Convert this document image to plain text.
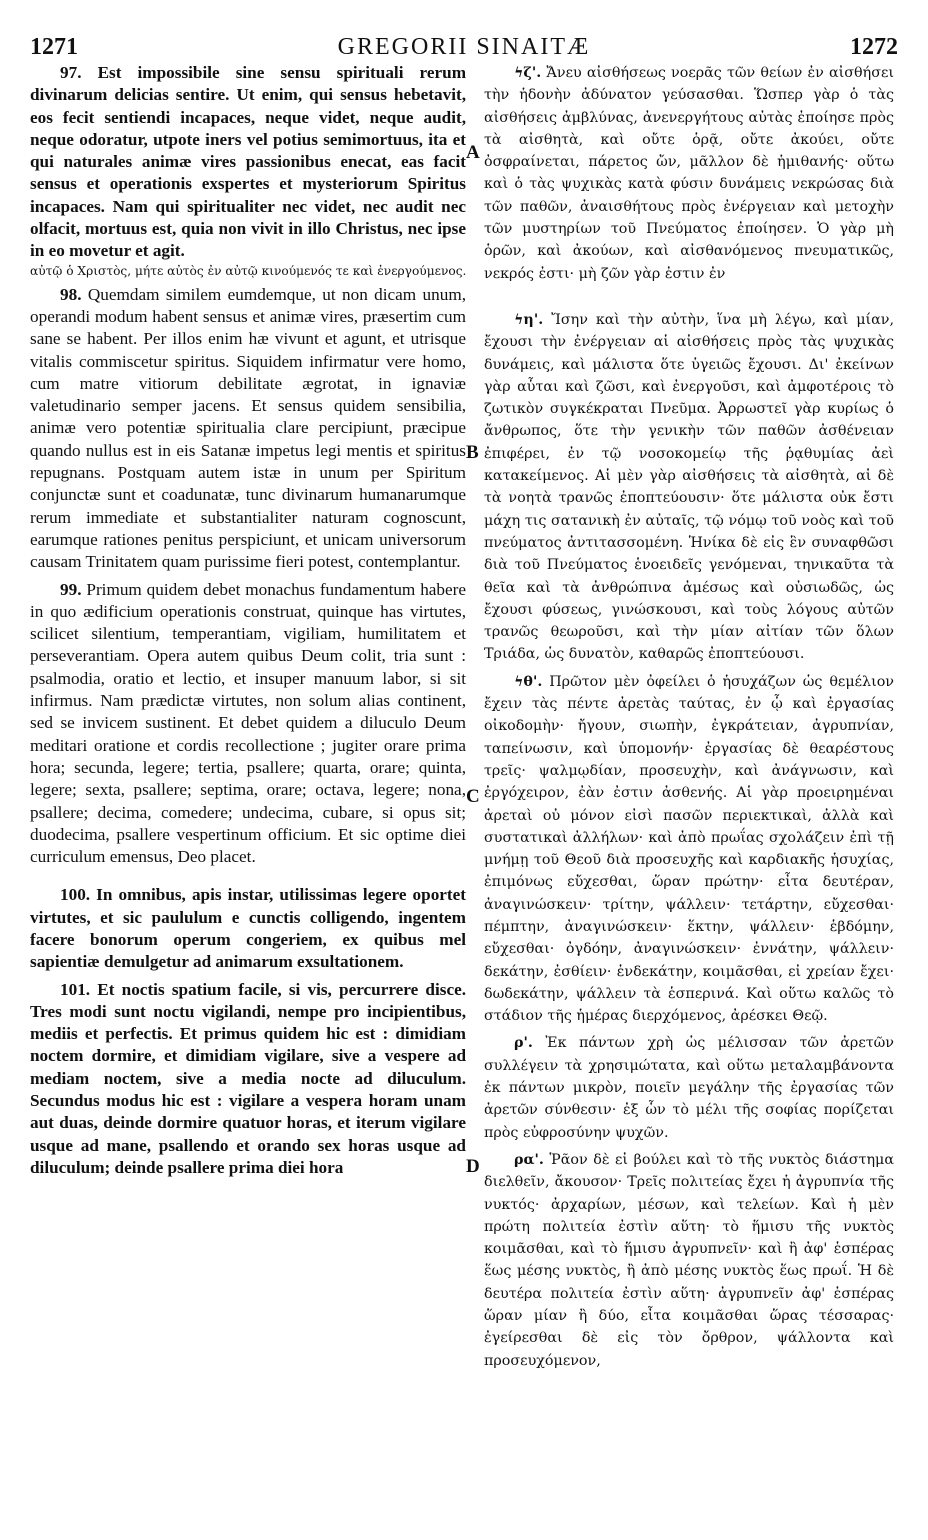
1271	GREGORII SINAITÆ	1272

97. Est impossibile sine sensu spirituali rerum divinarum delicias sentire. Ut enim, qui sensus hebetavit, eos fecit sentiendi incapaces, neque videt, neque audit, neque odoratur, utpote iners vel potius semimortuus, ita et qui naturales animæ vires passionibus enecat, eas facit sensus et operationis exspertes et mysteriorum Spiritus incapaces. Nam qui spiritualiter nec videt, nec audit nec olfacit, mortuus est, quia non vivit in illo Christus, nec ipse in eo movetur et agit.

αὐτῷ ὁ Χριστὸς, μήτε αὐτὸς ἐν αὐτῷ κινούμενός τε καὶ ἐνεργούμενος.

98. Quemdam similem eumdemque, ut non dicam unum, operandi modum habent sensus et animæ vires, præsertim cum sane se habent. Per illos enim hæ vivunt et agunt, et utrisque vitalis commiscetur spiritus. Siquidem infirmatur vere homo, cum matre vitiorum debilitate ægrotat, in ignaviæ valetudinario semper jacens. Et sensus quidem sensibilia, animæ vero potentiæ spiritualia clare percipiunt, præcipue quando nullus est in eis Satanæ impetus legi mentis et spiritus repugnans. Postquam autem istæ in unum per Spiritum conjunctæ sunt et coadunatæ, tunc divinarum humanarumque rerum immediate et substantialiter naturam cognoscunt, earumque rationes penitus perspiciunt, et unicam universorum causam Trinitatem quam purissime fieri potest, contemplantur.

99. Primum quidem debet monachus fundamentum habere in quo ædificium operationis construat, quinque has virtutes, scilicet silentium, temperantiam, vigiliam, humilitatem et perseverantiam. Opera autem quibus Deum colit, tria sunt : psalmodia, oratio et lectio, et insuper manuum labor, si sit infirmus. Nam prædictæ virtutes, non solum alias continent, sed se invicem sustinent. Et debet quidem a diluculo Deum meditari oratione et cordis recollectione ; jugiter orare prima hora; secunda, legere; tertia, psallere; quarta, orare; quinta, legere; sexta, psallere; septima, orare; octava, legere; nona, psallere; decima, comedere; undecima, cubare, si opus sit; duodecima, psallere vespertinum officium. Et sic optime diei curriculum emensus, Deo placet.

100. In omnibus, apis instar, utilissimas legere oportet virtutes, et sic paululum e cunctis colligendo, ingentem facere bonorum operum congeriem, ex quibus mel sapientiæ demulgetur ad animarum exsultationem.

101. Et noctis spatium facile, si vis, percurrere disce. Tres modi sunt noctu vigilandi, nempe pro incipientibus, mediis et perfectis. Et primus quidem hic est : dimidiam noctem dormire, et dimidiam vigilare, sive a vespere ad mediam noctem, sive a media nocte ad diluculum. Secundus modus hic est : vigilare a vespera horam unam aut duas, deinde dormire quatuor horas, et iterum vigilare usque ad mane, psallendo et orando sex horas usque ad diluculum; deinde psallere prima diei hora

A
B
C
D

ϟζ'. Ἄνευ αἰσθήσεως νοερᾶς τῶν θείων ἐν αἰσθήσει τὴν ἡδονὴν ἀδύνατον γεύσασθαι. Ὥσπερ γὰρ ὁ τὰς αἰσθήσεις ἀμβλύνας, ἀνενεργήτους αὐτὰς ἐποίησε πρὸς τὰ αἰσθητὰ, καὶ οὔτε ὁρᾷ, οὔτε ἀκούει, οὔτε ὀσφραίνεται, πάρετος ὤν, μᾶλλον δὲ ἡμιθανής· οὕτω καὶ ὁ τὰς ψυχικὰς κατὰ φύσιν δυνάμεις νεκρώσας διὰ τῶν παθῶν, ἀναισθήτους πρὸς ἐνέργειαν καὶ μετοχὴν τῶν μυστηρίων τοῦ Πνεύματος ἐποίησεν. Ὁ γὰρ μὴ ὁρῶν, καὶ ἀκούων, καὶ αἰσθανόμενος πνευματικῶς, νεκρός ἐστι· μὴ ζῶν γὰρ ἐστιν ἐν

ϟη'. Ἴσην καὶ τὴν αὐτὴν, ἵνα μὴ λέγω, καὶ μίαν, ἔχουσι τὴν ἐνέργειαν αἱ αἰσθήσεις πρὸς τὰς ψυχικὰς δυνάμεις, καὶ μάλιστα ὅτε ὑγειῶς ἔχουσι. Δι' ἐκείνων γὰρ αὗται καὶ ζῶσι, καὶ ἐνεργοῦσι, καὶ ἀμφοτέροις τὸ ζωτικὸν συγκέκραται Πνεῦμα. Ἀρρωστεῖ γὰρ κυρίως ὁ ἄνθρωπος, ὅτε τὴν γενικὴν τῶν παθῶν ἀσθένειαν ἐπιφέρει, ἐν τῷ νοσοκομείῳ τῆς ῥᾳθυμίας ἀεὶ κατακείμενος. Αἱ μὲν γὰρ αἰσθήσεις τὰ αἰσθητὰ, αἱ δὲ τὰ νοητὰ τρανῶς ἐποπτεύουσιν· ὅτε μάλιστα οὐκ ἔστι μάχη τις σατανικὴ ἐν αὐταῖς, τῷ νόμῳ τοῦ νοὸς καὶ τοῦ πνεύματος ἀντιτασσομένη. Ἡνίκα δὲ εἰς ἓν συναφθῶσι διὰ τοῦ Πνεύματος ἑνοειδεῖς γενόμεναι, τηνικαῦτα τὰ θεῖα καὶ τὰ ἀνθρώπινα ἀμέσως καὶ οὐσιωδῶς, ὡς ἔχουσι φύσεως, γινώσκουσι, καὶ τοὺς λόγους αὐτῶν τρανῶς θεωροῦσι, καὶ τὴν μίαν αἰτίαν τῶν ὅλων Τριάδα, ὡς δυνατὸν, καθαρῶς ἐποπτεύουσι.

ϟθ'. Πρῶτον μὲν ὀφείλει ὁ ἡσυχάζων ὡς θεμέλιον ἔχειν τὰς πέντε ἀρετὰς ταύτας, ἐν ᾧ καὶ ἐργασίας οἰκοδομὴν· ἤγουν, σιωπὴν, ἐγκράτειαν, ἀγρυπνίαν, ταπείνωσιν, καὶ ὑπομονήν· ἐργασίας δὲ θεαρέστους τρεῖς· ψαλμῳδίαν, προσευχὴν, καὶ ἀνάγνωσιν, καὶ ἐργόχειρον, ἐὰν ἐστιν ἀσθενής. Αἱ γὰρ προειρημέναι ἀρεταὶ οὐ μόνον εἰσὶ πασῶν περιεκτικαὶ, ἀλλὰ καὶ συστατικαὶ ἀλλήλων· καὶ ἀπὸ πρωΐας σχολάζειν ἐπὶ τῇ μνήμῃ τοῦ Θεοῦ διὰ προσευχῆς καὶ καρδιακῆς ἡσυχίας, ἐπιμόνως εὔχεσθαι, ὥραν πρώτην· εἶτα δευτέραν, ἀναγινώσκειν· τρίτην, ψάλλειν· τετάρτην, εὔχεσθαι· πέμπτην, ἀναγινώσκειν· ἕκτην, ψάλλειν· ἑβδόμην, εὔχεσθαι· ὀγδόην, ἀναγινώσκειν· ἐννάτην, ψάλλειν· δεκάτην, ἐσθίειν· ἑνδεκάτην, κοιμᾶσθαι, εἰ χρείαν ἔχει· δωδεκάτην, ψάλλειν τὰ ἑσπερινά. Καὶ οὕτω καλῶς τὸ στάδιον τῆς ἡμέρας διερχόμενος, ἀρέσκει Θεῷ.

ρ'. Ἐκ πάντων χρὴ ὡς μέλισσαν τῶν ἀρετῶν συλλέγειν τὰ χρησιμώτατα, καὶ οὕτω μεταλαμβάνοντα ἐκ πάντων μικρὸν, ποιεῖν μεγάλην τῆς ἐργασίας τῶν ἀρετῶν σύνθεσιν· ἐξ ὧν τὸ μέλι τῆς σοφίας πορίζεται πρὸς εὐφροσύνην ψυχῶν.

ρα'. Ῥᾶον δὲ εἰ βούλει καὶ τὸ τῆς νυκτὸς διάστημα διελθεῖν, ἄκουσον· Τρεῖς πολιτείας ἔχει ἡ ἀγρυπνία τῆς νυκτός· ἀρχαρίων, μέσων, καὶ τελείων. Καὶ ἡ μὲν πρώτη πολιτεία ἐστὶν αὕτη· τὸ ἥμισυ τῆς νυκτὸς κοιμᾶσθαι, καὶ τὸ ἥμισυ ἀγρυπνεῖν· καὶ ἢ ἀφ' ἑσπέρας ἕως μέσης νυκτὸς, ἢ ἀπὸ μέσης νυκτὸς ἕως πρωΐ. Ἡ δὲ δευτέρα πολιτεία ἐστὶν αὕτη· ἀγρυπνεῖν ἀφ' ἑσπέρας ὥραν μίαν ἢ δύο, εἶτα κοιμᾶσθαι ὥρας τέσσαρας· ἐγείρεσθαι δὲ εἰς τὸν ὄρθρον, ψάλλοντα καὶ προσευχόμενον,
